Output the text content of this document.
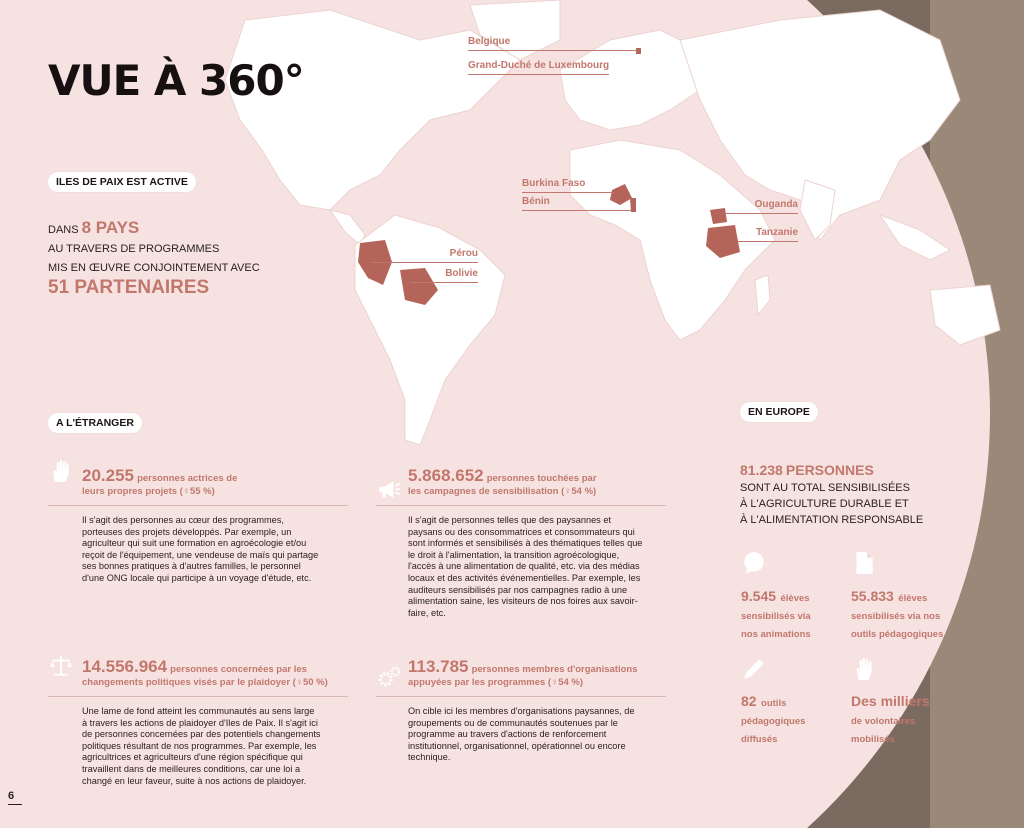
VUE À 360°
Belgique
Grand-Duché de Luxembourg
Burkina Faso
Bénin	Ouganda
Tanzanie
Pérou
Bolivie
ILES DE PAIX EST ACTIVE
DANS 8 PAYS
AU TRAVERS DE PROGRAMMES
MIS EN ŒUVRE CONJOINTEMENT AVEC
51 PARTENAIRES
A L'ÉTRANGER
20.255 personnes actrices de
leurs propres projets (♀55 %)
Il s'agit des personnes au cœur des programmes, porteuses des projets développés. Par exemple, un agriculteur qui suit une formation en agroécologie et/ou reçoit de l'équipement, une vendeuse de maïs qui partage ses bonnes pratiques à d'autres familles, le personnel d'une ONG locale qui participe à un voyage d'étude, etc.
5.868.652 personnes touchées par
les campagnes de sensibilisation (♀54 %)
Il s'agit de personnes telles que des paysannes et paysans ou des consommatrices et consommateurs qui sont informés et sensibilisés à des thématiques telles que le droit à l'alimentation, la transition agroécologique, l'accès à une alimentation de qualité, etc. via des médias locaux et des activités événementielles. Par exemple, les auditeurs sensibilisés par nos campagnes radio à une alimentation saine, les visiteurs de nos foires aux savoir-faire, etc.
14.556.964 personnes concernées par les
changements politiques visés par le plaidoyer (♀50 %)
Une lame de fond atteint les communautés au sens large à travers les actions de plaidoyer d'Iles de Paix. Il s'agit ici de personnes concernées par des potentiels changements politiques résultant de nos programmes. Par exemple, les agricultrices et agriculteurs d'une région spécifique qui travaillent dans de meilleures conditions, car une loi a changé en leur faveur, suite à nos actions de plaidoyer.
113.785 personnes membres d'organisations
appuyées par les programmes (♀54 %)
On cible ici les membres d'organisations paysannes, de groupements ou de communautés soutenues par le programme au travers d'actions de renforcement institutionnel, organisationnel, opérationnel ou encore technique.
EN EUROPE
81.238 PERSONNES
SONT AU TOTAL SENSIBILISÉES
À L'AGRICULTURE DURABLE ET
À L'ALIMENTATION RESPONSABLE
9.545 élèves
sensibilisés via
nos animations
55.833 élèves
sensibilisés via nos
outils pédagogiques
82 outils
pédagogiques
diffusés
Des milliers
de volontaires
mobilisés
6
